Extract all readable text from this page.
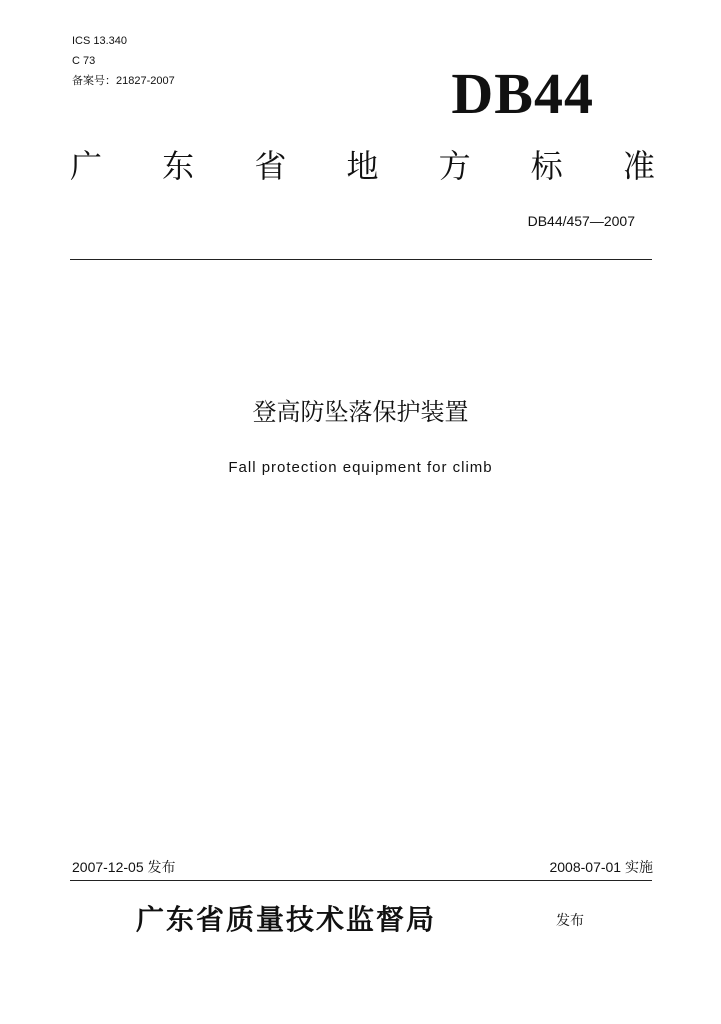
ICS 13.340
C 73
备案号：21827-2007	DB44
广 东 省 地 方 标 准
DB44/457—2007
登高防坠落保护装置
Fall protection equipment for climb
2007-12-05 发布	2008-07-01 实施
广东省质量技术监督局	发布
